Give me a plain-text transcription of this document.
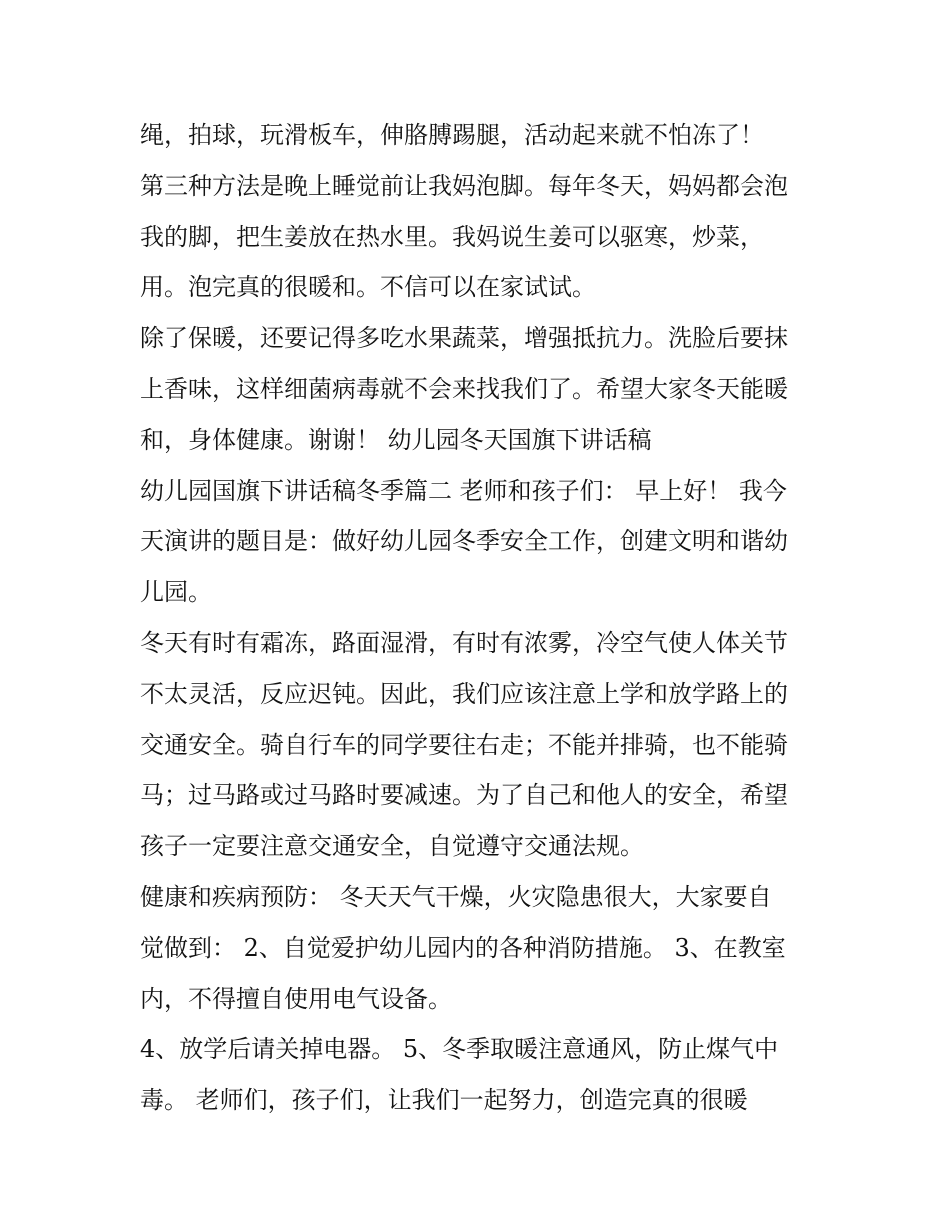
绳，拍球，玩滑板车，伸胳膊踢腿，活动起来就不怕冻了！
第三种方法是晚上睡觉前让我妈泡脚。每年冬天，妈妈都会泡
我的脚，把生姜放在热水里。我妈说生姜可以驱寒，炒菜，
用。泡完真的很暖和。不信可以在家试试。
除了保暖，还要记得多吃水果蔬菜，增强抵抗力。洗脸后要抹
上香味，这样细菌病毒就不会来找我们了。希望大家冬天能暖
和，身体健康。谢谢！ 幼儿园冬天国旗下讲话稿
幼儿园国旗下讲话稿冬季篇二 老师和孩子们： 早上好！ 我今
天演讲的题目是：做好幼儿园冬季安全工作，创建文明和谐幼
儿园。
冬天有时有霜冻，路面湿滑，有时有浓雾，冷空气使人体关节
不太灵活，反应迟钝。因此，我们应该注意上学和放学路上的
交通安全。骑自行车的同学要往右走；不能并排骑，也不能骑
马；过马路或过马路时要减速。为了自己和他人的安全，希望
孩子一定要注意交通安全，自觉遵守交通法规。
健康和疾病预防： 冬天天气干燥，火灾隐患很大，大家要自
觉做到： 2、自觉爱护幼儿园内的各种消防措施。 3、在教室
内，不得擅自使用电气设备。
4、放学后请关掉电器。 5、冬季取暖注意通风，防止煤气中
毒。 老师们，孩子们，让我们一起努力，创造完真的很暖
